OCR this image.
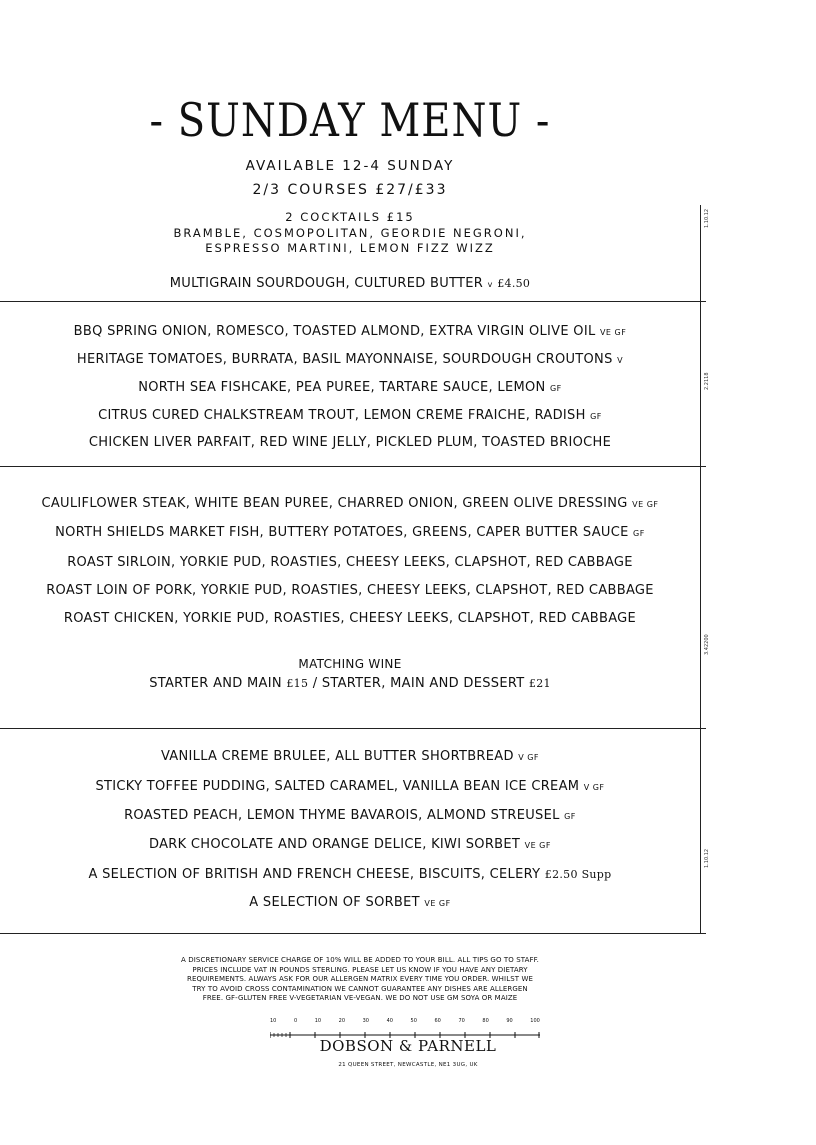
- SUNDAY MENU -
AVAILABLE 12-4 SUNDAY
2/3 COURSES £27/£33
2 COCKTAILS £15
BRAMBLE, COSMOPOLITAN, GEORDIE NEGRONI,
ESPRESSO MARTINI, LEMON FIZZ WIZZ
MULTIGRAIN SOURDOUGH, CULTURED BUTTER v £4.50
1.10.12
2.2118
3.42200
1.10.12
BBQ SPRING ONION, ROMESCO, TOASTED ALMOND, EXTRA VIRGIN OLIVE OIL VE GF
HERITAGE TOMATOES, BURRATA, BASIL MAYONNAISE, SOURDOUGH CROUTONS V
NORTH SEA FISHCAKE, PEA PUREE, TARTARE SAUCE, LEMON GF
CITRUS CURED CHALKSTREAM TROUT, LEMON CREME FRAICHE, RADISH GF
CHICKEN LIVER PARFAIT, RED WINE JELLY, PICKLED PLUM, TOASTED BRIOCHE
CAULIFLOWER STEAK, WHITE BEAN PUREE, CHARRED ONION, GREEN OLIVE DRESSING VE GF
NORTH SHIELDS MARKET FISH, BUTTERY POTATOES, GREENS, CAPER BUTTER SAUCE GF
ROAST SIRLOIN, YORKIE PUD, ROASTIES, CHEESY LEEKS, CLAPSHOT, RED CABBAGE
ROAST LOIN OF PORK, YORKIE PUD, ROASTIES, CHEESY LEEKS, CLAPSHOT, RED CABBAGE
ROAST CHICKEN, YORKIE PUD, ROASTIES, CHEESY LEEKS, CLAPSHOT, RED CABBAGE
MATCHING WINE
STARTER AND MAIN £15 / STARTER, MAIN AND DESSERT £21
VANILLA CREME BRULEE, ALL BUTTER SHORTBREAD V GF
STICKY TOFFEE PUDDING, SALTED CARAMEL, VANILLA BEAN ICE CREAM V GF
ROASTED PEACH, LEMON THYME BAVAROIS, ALMOND STREUSEL GF
DARK CHOCOLATE AND ORANGE DELICE, KIWI SORBET VE GF
A SELECTION OF BRITISH AND FRENCH CHEESE, BISCUITS, CELERY £2.50 Supp
A SELECTION OF SORBET VE GF
A DISCRETIONARY SERVICE CHARGE OF 10% WILL BE ADDED TO YOUR BILL. ALL TIPS GO TO STAFF.
PRICES INCLUDE VAT IN POUNDS STERLING. PLEASE LET US KNOW IF YOU HAVE ANY DIETARY
REQUIREMENTS. ALWAYS ASK FOR OUR ALLERGEN MATRIX EVERY TIME YOU ORDER. WHILST WE
TRY TO AVOID CROSS CONTAMINATION WE CANNOT GUARANTEE ANY DISHES ARE ALLERGEN
FREE. GF-GLUTEN FREE V-VEGETARIAN VE-VEGAN. WE DO NOT USE GM SOYA OR MAIZE
10	0	10	20	30	40	50	60	70	80	90	100
DOBSON & PARNELL
21 QUEEN STREET, NEWCASTLE, NE1 3UG, UK
